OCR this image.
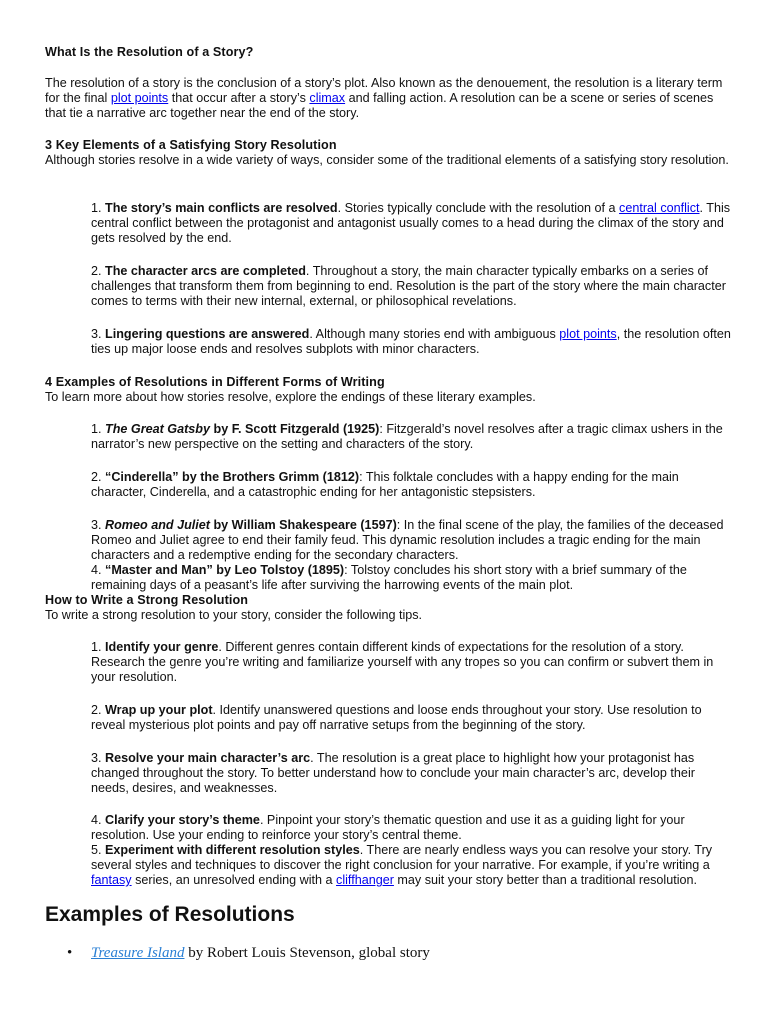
What Is the Resolution of a Story?
The resolution of a story is the conclusion of a story’s plot. Also known as the denouement, the resolution is a literary term for the final plot points that occur after a story’s climax and falling action. A resolution can be a scene or series of scenes that tie a narrative arc together near the end of the story.
3 Key Elements of a Satisfying Story Resolution
Although stories resolve in a wide variety of ways, consider some of the traditional elements of a satisfying story resolution.
1. The story’s main conflicts are resolved. Stories typically conclude with the resolution of a central conflict. This central conflict between the protagonist and antagonist usually comes to a head during the climax of the story and gets resolved by the end.
2. The character arcs are completed. Throughout a story, the main character typically embarks on a series of challenges that transform them from beginning to end. Resolution is the part of the story where the main character comes to terms with their new internal, external, or philosophical revelations.
3. Lingering questions are answered. Although many stories end with ambiguous plot points, the resolution often ties up major loose ends and resolves subplots with minor characters.
4 Examples of Resolutions in Different Forms of Writing
To learn more about how stories resolve, explore the endings of these literary examples.
1. The Great Gatsby by F. Scott Fitzgerald (1925): Fitzgerald’s novel resolves after a tragic climax ushers in the narrator’s new perspective on the setting and characters of the story.
2. “Cinderella” by the Brothers Grimm (1812): This folktale concludes with a happy ending for the main character, Cinderella, and a catastrophic ending for her antagonistic stepsisters.
3. Romeo and Juliet by William Shakespeare (1597): In the final scene of the play, the families of the deceased Romeo and Juliet agree to end their family feud. This dynamic resolution includes a tragic ending for the main characters and a redemptive ending for the secondary characters.
4. “Master and Man” by Leo Tolstoy (1895): Tolstoy concludes his short story with a brief summary of the remaining days of a peasant’s life after surviving the harrowing events of the main plot.
How to Write a Strong Resolution
To write a strong resolution to your story, consider the following tips.
1. Identify your genre. Different genres contain different kinds of expectations for the resolution of a story. Research the genre you’re writing and familiarize yourself with any tropes so you can confirm or subvert them in your resolution.
2. Wrap up your plot. Identify unanswered questions and loose ends throughout your story. Use resolution to reveal mysterious plot points and pay off narrative setups from the beginning of the story.
3. Resolve your main character’s arc. The resolution is a great place to highlight how your protagonist has changed throughout the story. To better understand how to conclude your main character’s arc, develop their needs, desires, and weaknesses.
4. Clarify your story’s theme. Pinpoint your story’s thematic question and use it as a guiding light for your resolution. Use your ending to reinforce your story’s central theme.
5. Experiment with different resolution styles. There are nearly endless ways you can resolve your story. Try several styles and techniques to discover the right conclusion for your narrative. For example, if you’re writing a fantasy series, an unresolved ending with a cliffhanger may suit your story better than a traditional resolution.
Examples of Resolutions
• Treasure Island by Robert Louis Stevenson, global story
